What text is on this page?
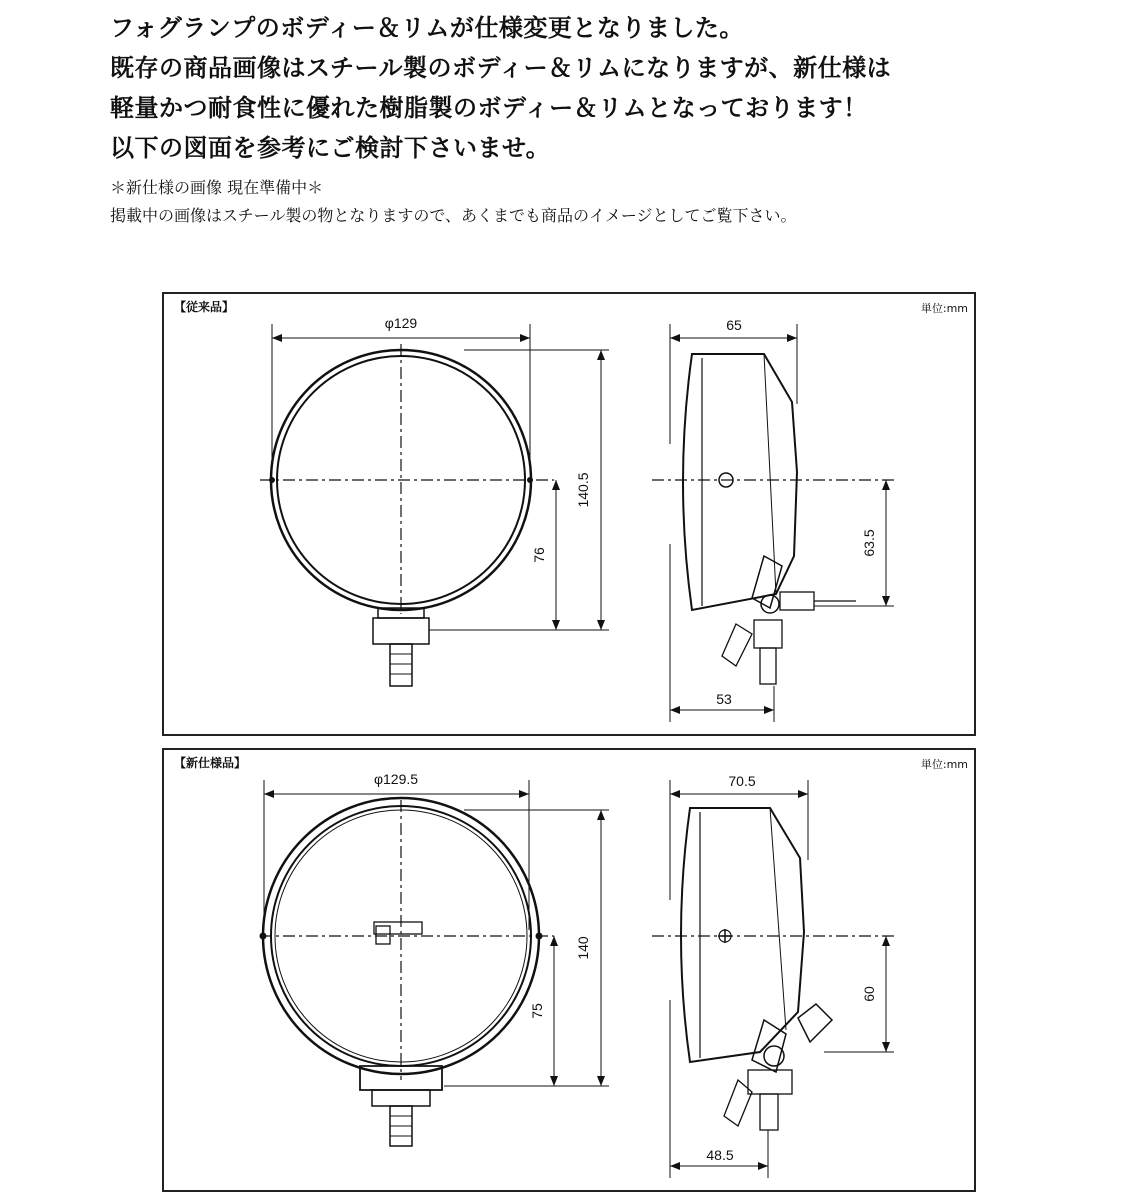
フォグランプのボディー＆リムが仕様変更となりました。

既存の商品画像はスチール製のボディー＆リムになりますが、新仕様は

軽量かつ耐食性に優れた樹脂製のボディー＆リムとなっております！

以下の図面を参考にご検討下さいませ。

＊新仕様の画像 現在準備中＊

掲載中の画像はスチール製の物となりますので、あくまでも商品のイメージとしてご覧下さい。

【従来品】	単位:mm
φ129
140.5
76
65
63.5
53
【新仕様品】	単位:mm
φ129.5
140
75
70.5
60
48.5
